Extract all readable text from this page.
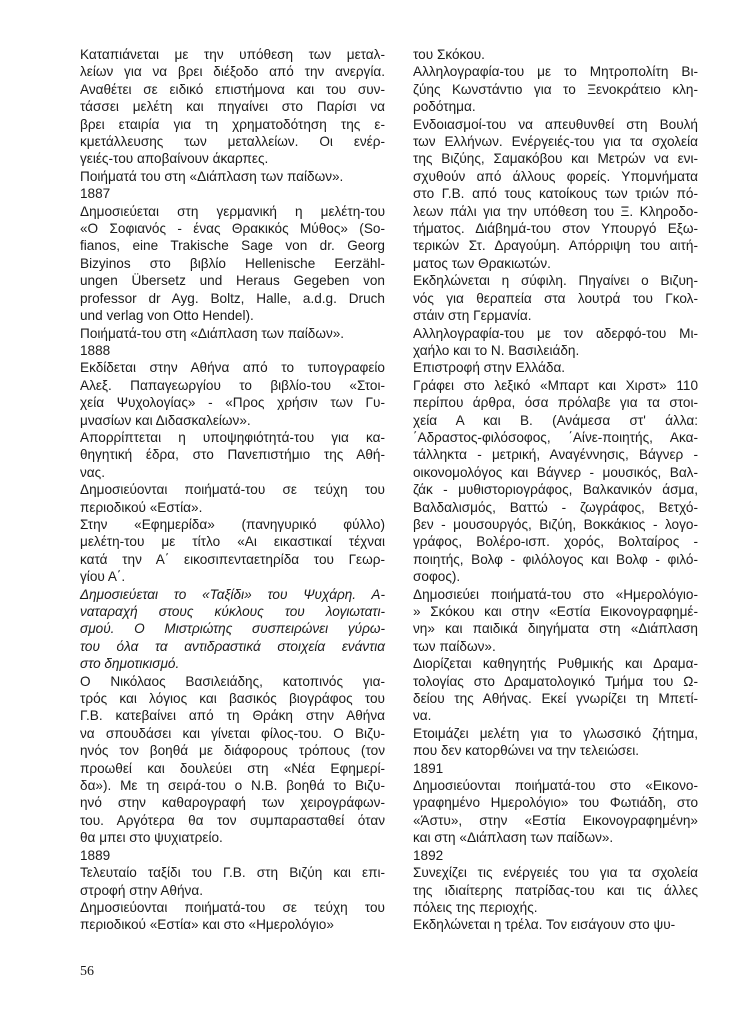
Καταπιάνεται με την υπόθεση των μεταλ-
λείων για να βρει διέξοδο από την ανεργία.
Αναθέτει σε ειδικό επιστήμονα και του συν-
τάσσει μελέτη και πηγαίνει στο Παρίσι να
βρει εταιρία για τη χρηματοδότηση της ε-
κμετάλλευσης των μεταλλείων. Οι ενέρ-
γειές-του αποβαίνουν άκαρπες.

Ποιήματά του στη «Διάπλαση των παίδων».

1887

Δημοσιεύεται στη γερμανική η μελέτη-του
«Ο Σοφιανός - ένας Θρακικός Μύθος» (So-
fianos, eine Trakische Sage von dr. Georg
Bizyinos στο βιβλίο Hellenische Eerzähl-
ungen Übersetz und Heraus Gegeben von
professor dr Ayg. Boltz, Halle, a.d.g. Druch
und verlag von Otto Hendel).

Ποιήματά-του στη «Διάπλαση των παίδων».

1888

Εκδίδεται στην Αθήνα από το τυπογραφείο
Αλεξ. Παπαγεωργίου το βιβλίο-του «Στοι-
χεία Ψυχολογίας» - «Προς χρήσιν των Γυ-
μνασίων και Διδασκαλείων».

Απορρίπτεται η υποψηφιότητά-του για κα-
θηγητική έδρα, στο Πανεπιστήμιο της Αθή-
νας.

Δημοσιεύονται ποιήματά-του σε τεύχη του
περιοδικού «Εστία».

Στην «Εφημερίδα» (πανηγυρικό φύλλο)
μελέτη-του με τίτλο «Αι εικαστικαί τέχναι
κατά την Α΄ εικοσιπενταετηρίδα του Γεωρ-
γίου Α΄.

Δημοσιεύεται το «Ταξίδι» του Ψυχάρη. Α-
ναταραχή στους κύκλους του λογιωτατι-
σμού. Ο Μιστριώτης συσπειρώνει γύρω-
του όλα τα αντιδραστικά στοιχεία ενάντια
στο δημοτικισμό.

Ο Νικόλαος Βασιλειάδης, κατοπινός για-
τρός και λόγιος και βασικός βιογράφος του
Γ.Β. κατεβαίνει από τη Θράκη στην Αθήνα
να σπουδάσει και γίνεται φίλος-του. Ο Βιζυ-
ηνός τον βοηθά με διάφορους τρόπους (τον
προωθεί και δουλεύει στη «Νέα Εφημερί-
δα»). Με τη σειρά-του ο Ν.Β. βοηθά το Βιζυ-
ηνό στην καθαρογραφή των χειρογράφων-
του. Αργότερα θα τον συμπαρασταθεί όταν
θα μπει στο ψυχιατρείο.

1889

Τελευταίο ταξίδι του Γ.Β. στη Βιζύη και επι-
στροφή στην Αθήνα.

Δημοσιεύονται ποιήματά-του σε τεύχη του
περιοδικού «Εστία» και στο «Ημερολόγιο»

του Σκόκου.

Αλληλογραφία-του με το Μητροπολίτη Βι-
ζύης Κωνστάντιο για το Ξενοκράτειο κλη-
ροδότημα.

Ενδοιασμοί-του να απευθυνθεί στη Βουλή
των Ελλήνων. Ενέργειές-του για τα σχολεία
της Βιζύης, Σαμακόβου και Μετρών να ενι-
σχυθούν από άλλους φορείς. Υπομνήματα
στο Γ.Β. από τους κατοίκους των τριών πό-
λεων πάλι για την υπόθεση του Ξ. Κληροδο-
τήματος. Διάβημά-του στον Υπουργό Εξω-
τερικών Στ. Δραγούμη. Απόρριψη του αιτή-
ματος των Θρακιωτών.

Εκδηλώνεται η σύφιλη. Πηγαίνει ο Βιζυη-
νός για θεραπεία στα λουτρά του Γκολ-
στάιν στη Γερμανία.

Αλληλογραφία-του με τον αδερφό-του Μι-
χαήλο και το Ν. Βασιλειάδη.

Επιστροφή στην Ελλάδα.

Γράφει στο λεξικό «Μπαρτ και Χιρστ» 110
περίπου άρθρα, όσα πρόλαβε για τα στοι-
χεία Α και Β. (Ανάμεσα στ' άλλα:
΄Αδραστος-φιλόσοφος, ΄Αίνε-ποιητής, Ακα-
τάλληκτα - μετρική, Αναγέννησις, Βάγνερ -
οικονομολόγος και Βάγνερ - μουσικός, Βαλ-
ζάκ - μυθιστοριογράφος, Βαλκανικόν άσμα,
Βαλδαλισμός, Βαττώ - ζωγράφος, Βετχό-
βεν - μουσουργός, Βιζύη, Βοκκάκιος - λογο-
γράφος, Βολέρο-ισπ. χορός, Βολταίρος -
ποιητής, Βολφ - φιλόλογος και Βολφ - φιλό-
σοφος).

Δημοσιεύει ποιήματά-του στο «Ημερολόγιο-
» Σκόκου και στην «Εστία Εικονογραφημέ-
νη» και παιδικά διηγήματα στη «Διάπλαση
των παίδων».

Διορίζεται καθηγητής Ρυθμικής και Δραμα-
τολογίας στο Δραματολογικό Τμήμα του Ω-
δείου της Αθήνας. Εκεί γνωρίζει τη Μπετί-
να.

Ετοιμάζει μελέτη για το γλωσσικό ζήτημα,
που δεν κατορθώνει να την τελειώσει.

1891

Δημοσιεύονται ποιήματά-του στο «Εικονο-
γραφημένο Ημερολόγιο» του Φωτιάδη, στο
«Άστυ», στην «Εστία Εικονογραφημένη»
και στη «Διάπλαση των παίδων».

1892

Συνεχίζει τις ενέργειές του για τα σχολεία
της ιδιαίτερης πατρίδας-του και τις άλλες
πόλεις της περιοχής.

Εκδηλώνεται η τρέλα. Τον εισάγουν στο ψυ-

56
